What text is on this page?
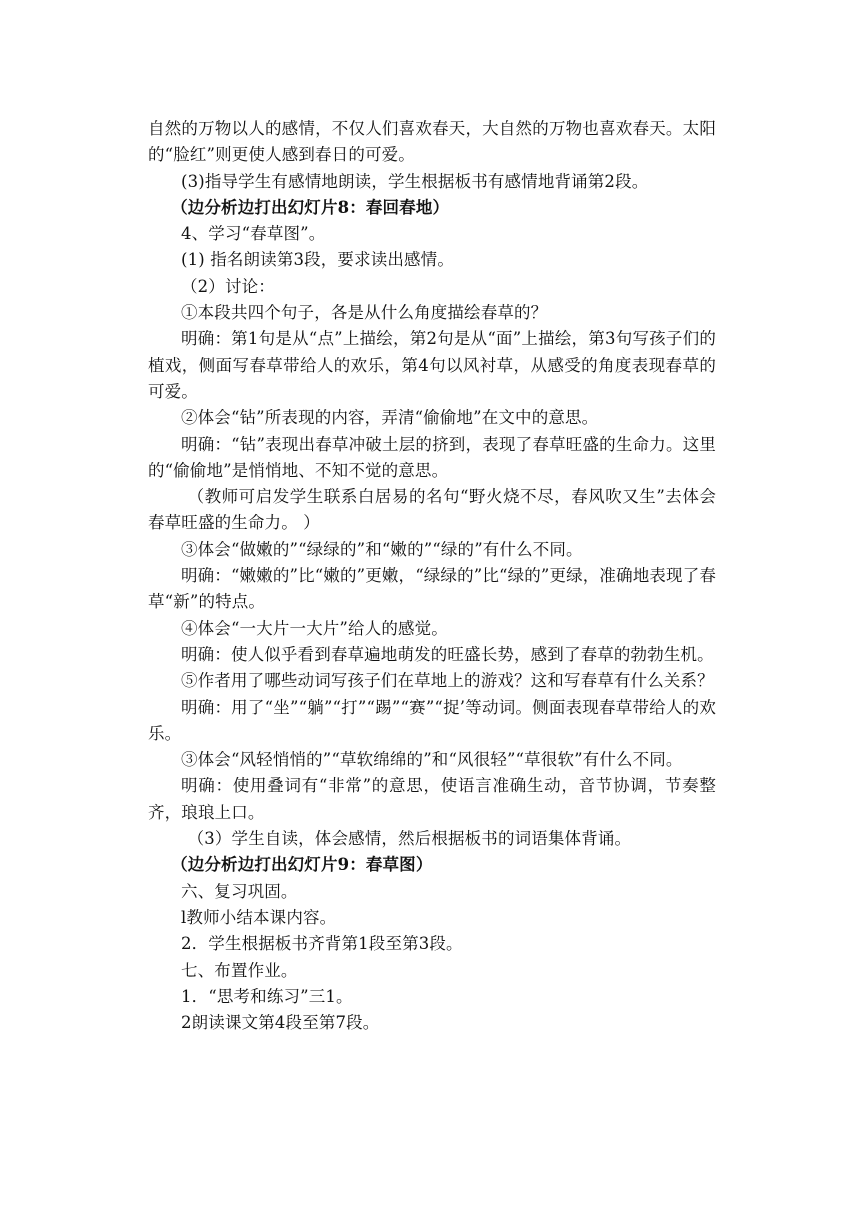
自然的万物以人的感情，不仅人们喜欢春天，大自然的万物也喜欢春天。太阳的“脸红”则更使人感到春日的可爱。

(3)指导学生有感情地朗读，学生根据板书有感情地背诵第2段。

（边分析边打出幻灯片8：春回春地）

4、学习“春草图”。

(1) 指名朗读第3段，要求读出感情。

（2）讨论：

①本段共四个句子，各是从什么角度描绘春草的？

明确：第1句是从“点”上描绘，第2句是从“面”上描绘，第3句写孩子们的植戏，侧面写春草带给人的欢乐，第4句以风衬草，从感受的角度表现春草的可爱。

②体会“钻”所表现的内容，弄清“偷偷地”在文中的意思。

明确：“钻”表现出春草冲破土层的挤到，表现了春草旺盛的生命力。这里的“偷偷地”是悄悄地、不知不觉的意思。

（教师可启发学生联系白居易的名句“野火烧不尽，春风吹又生”去体会春草旺盛的生命力。 ）

③体会“做嫩的”“绿绿的”和“嫩的”“绿的”有什么不同。

明确：“嫩嫩的”比“嫩的”更嫩，“绿绿的”比“绿的”更绿，准确地表现了春草“新”的特点。

④体会“一大片一大片”给人的感觉。

明确：使人似乎看到春草遍地萌发的旺盛长势，感到了春草的勃勃生机。

⑤作者用了哪些动词写孩子们在草地上的游戏？这和写春草有什么关系？

明确：用了“坐”“躺”“打”“踢”“赛”“捉’等动词。侧面表现春草带给人的欢乐。

③体会“风轻悄悄的”“草软绵绵的”和“风很轻”“草很软”有什么不同。

明确：使用叠词有“非常”的意思，使语言准确生动，音节协调，节奏整齐，琅琅上口。

（3）学生自读，体会感情，然后根据板书的词语集体背诵。

（边分析边打出幻灯片9：春草图）

六、复习巩固。

l教师小结本课内容。

2．学生根据板书齐背第1段至第3段。

七、布置作业。

1．“思考和练习”三1。

2朗读课文第4段至第7段。
